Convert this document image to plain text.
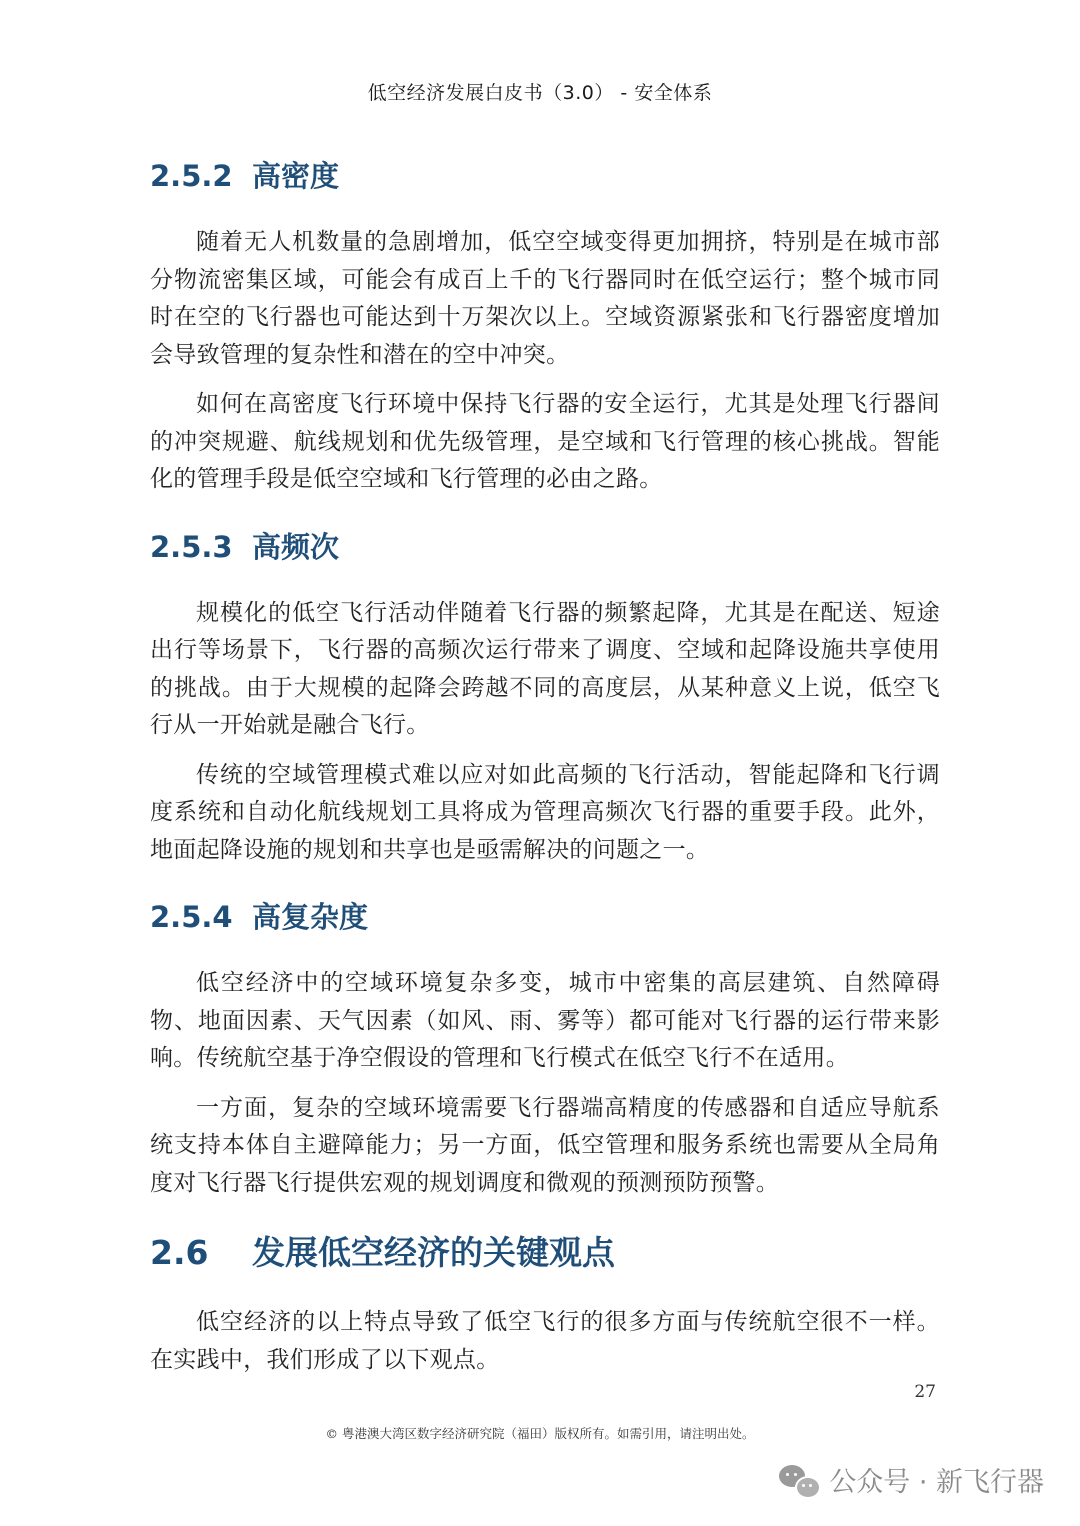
低空经济发展白皮书（3.0） - 安全体系
2.5.2 高密度

随着无人机数量的急剧增加，低空空域变得更加拥挤，特别是在城市部分物流密集区域，可能会有成百上千的飞行器同时在低空运行；整个城市同时在空的飞行器也可能达到十万架次以上。空域资源紧张和飞行器密度增加会导致管理的复杂性和潜在的空中冲突。

如何在高密度飞行环境中保持飞行器的安全运行，尤其是处理飞行器间的冲突规避、航线规划和优先级管理，是空域和飞行管理的核心挑战。智能化的管理手段是低空空域和飞行管理的必由之路。

2.5.3 高频次

规模化的低空飞行活动伴随着飞行器的频繁起降，尤其是在配送、短途出行等场景下，飞行器的高频次运行带来了调度、空域和起降设施共享使用的挑战。由于大规模的起降会跨越不同的高度层，从某种意义上说，低空飞行从一开始就是融合飞行。

传统的空域管理模式难以应对如此高频的飞行活动，智能起降和飞行调度系统和自动化航线规划工具将成为管理高频次飞行器的重要手段。此外，地面起降设施的规划和共享也是亟需解决的问题之一。

2.5.4 高复杂度

低空经济中的空域环境复杂多变，城市中密集的高层建筑、自然障碍物、地面因素、天气因素（如风、雨、雾等）都可能对飞行器的运行带来影响。传统航空基于净空假设的管理和飞行模式在低空飞行不在适用。

一方面，复杂的空域环境需要飞行器端高精度的传感器和自适应导航系统支持本体自主避障能力；另一方面，低空管理和服务系统也需要从全局角度对飞行器飞行提供宏观的规划调度和微观的预测预防预警。

2.6	发展低空经济的关键观点

低空经济的以上特点导致了低空飞行的很多方面与传统航空很不一样。在实践中，我们形成了以下观点。

27
© 粤港澳大湾区数字经济研究院（福田）版权所有。如需引用，请注明出处。
公众号 · 新飞行器
